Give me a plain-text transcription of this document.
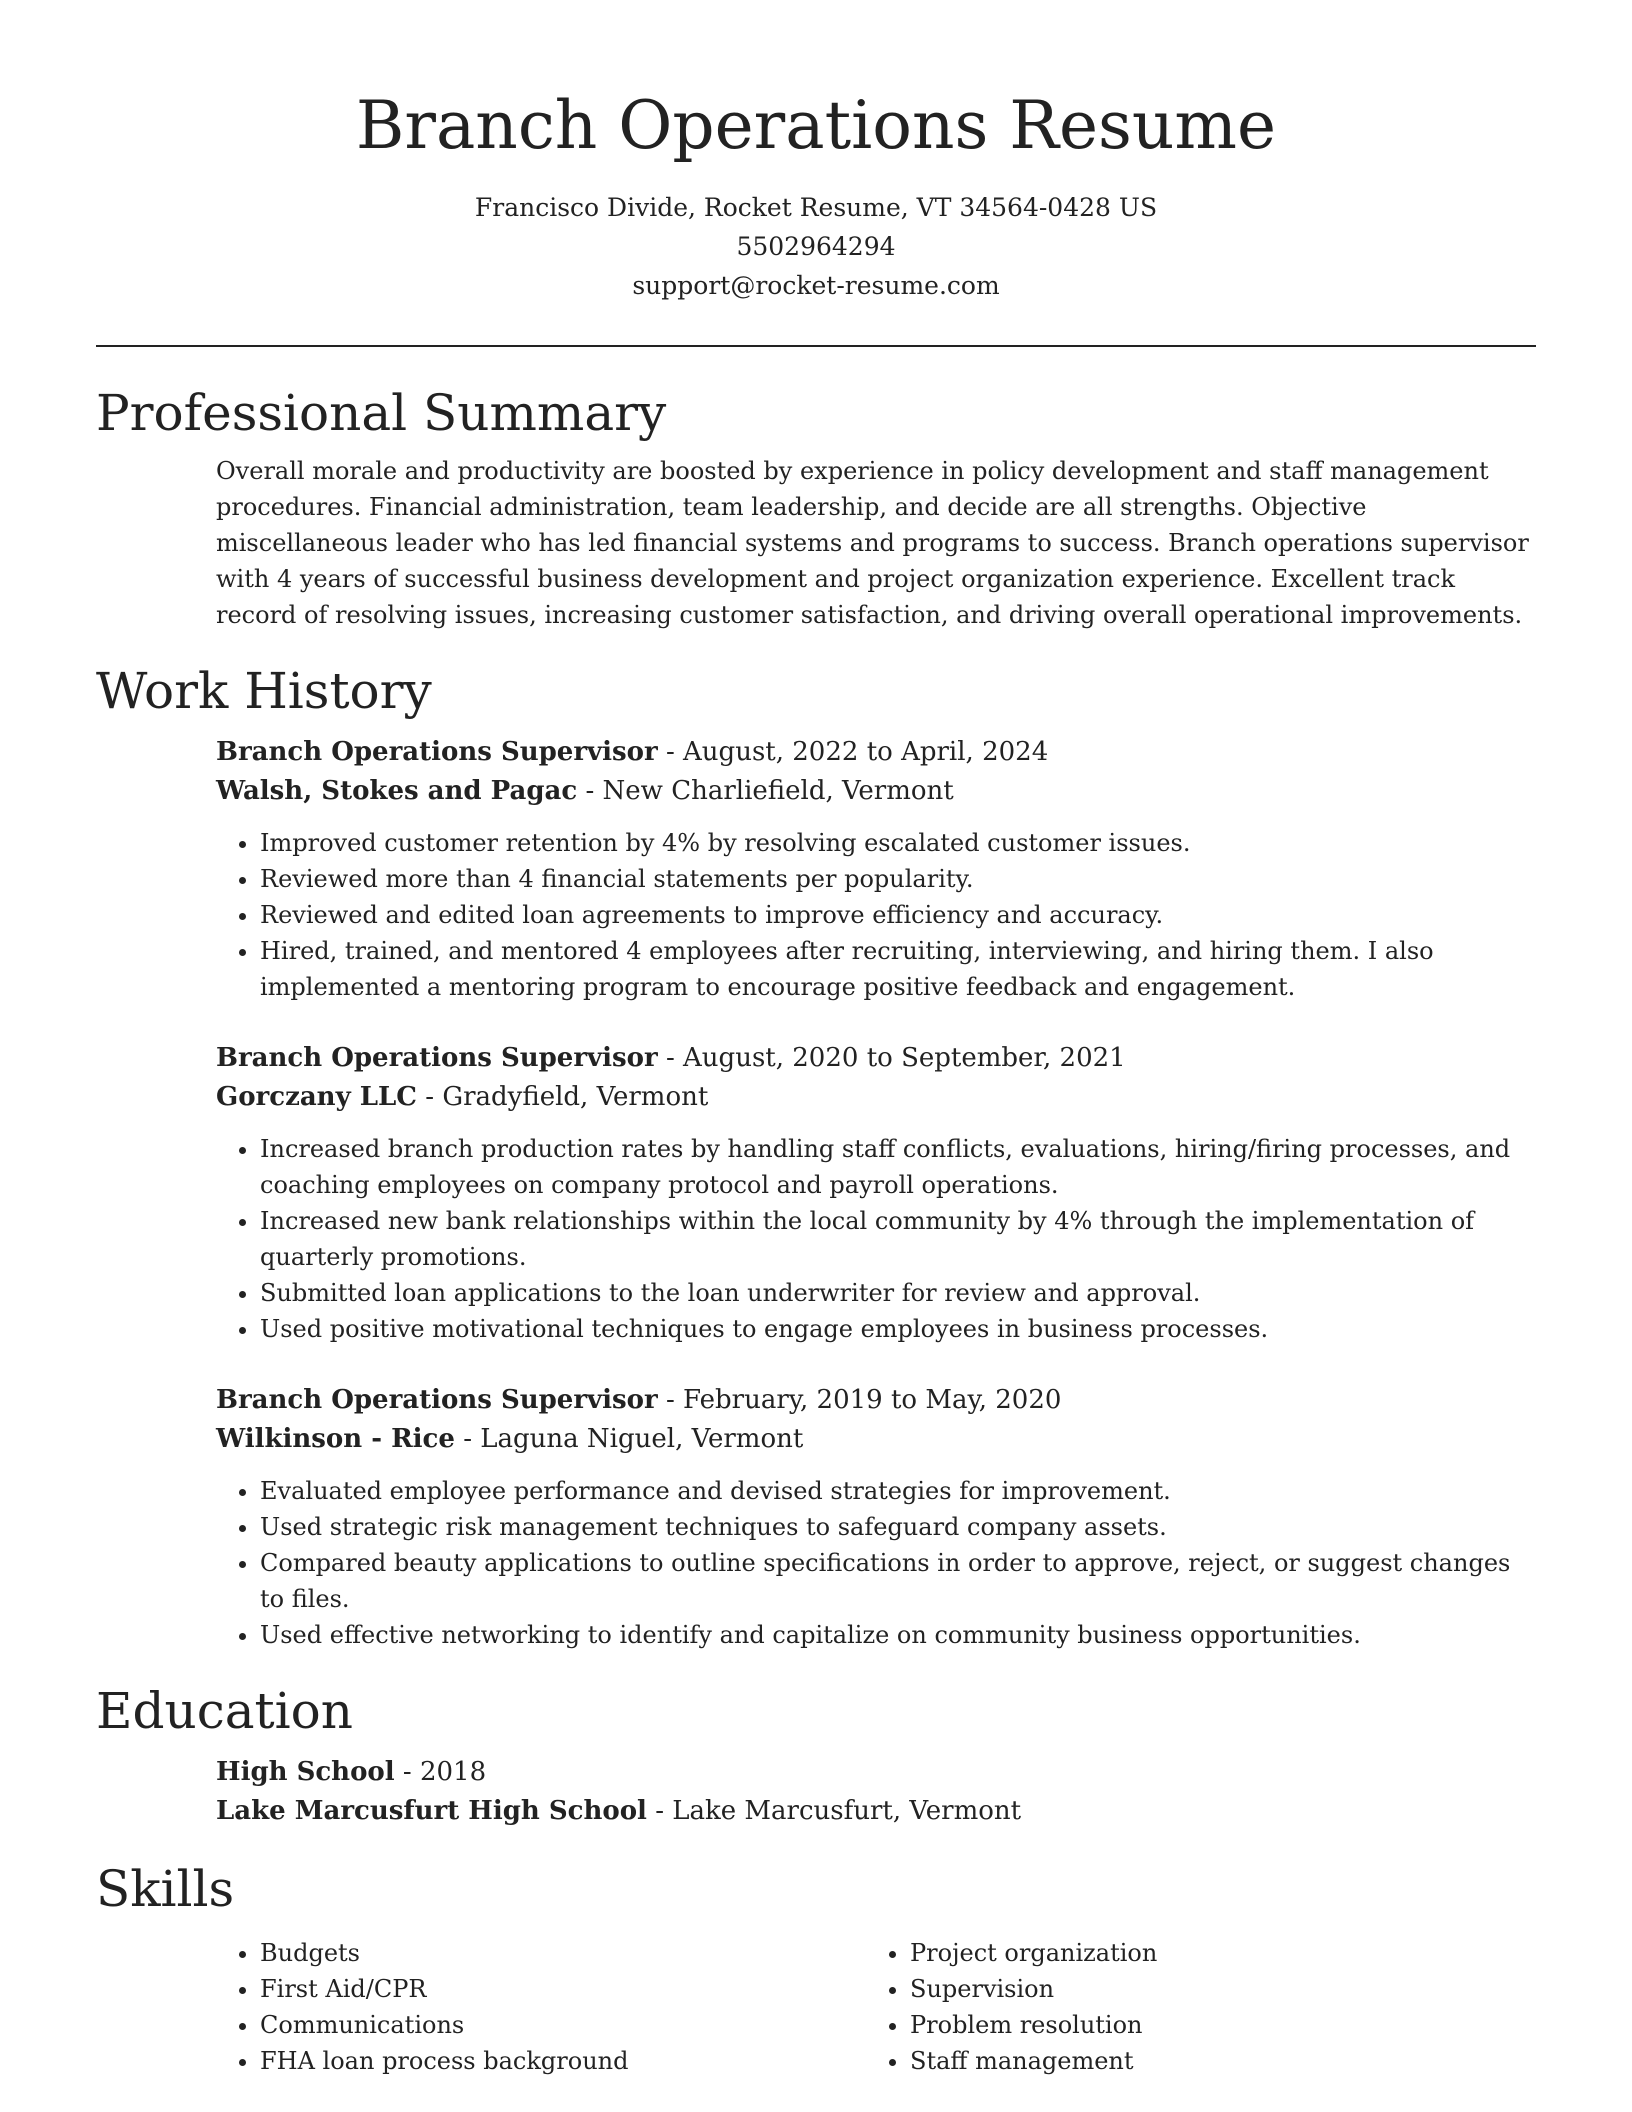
Branch Operations Resume
Francisco Divide, Rocket Resume, VT 34564-0428 US
5502964294
support@rocket-resume.com
Professional Summary

Overall morale and productivity are boosted by experience in policy development and staff management procedures. Financial administration, team leadership, and decide are all strengths. Objective miscellaneous leader who has led financial systems and programs to success. Branch operations supervisor with 4 years of successful business development and project organization experience. Excellent track record of resolving issues, increasing customer satisfaction, and driving overall operational improvements.

Work History
Branch Operations Supervisor - August, 2022 to April, 2024
Walsh, Stokes and Pagac - New Charliefield, Vermont
• Improved customer retention by 4% by resolving escalated customer issues.
• Reviewed more than 4 financial statements per popularity.
• Reviewed and edited loan agreements to improve efficiency and accuracy.
• Hired, trained, and mentored 4 employees after recruiting, interviewing, and hiring them. I also implemented a mentoring program to encourage positive feedback and engagement.
Branch Operations Supervisor - August, 2020 to September, 2021
Gorczany LLC - Gradyfield, Vermont
• Increased branch production rates by handling staff conflicts, evaluations, hiring/firing processes, and coaching employees on company protocol and payroll operations.
• Increased new bank relationships within the local community by 4% through the implementation of quarterly promotions.
• Submitted loan applications to the loan underwriter for review and approval.
• Used positive motivational techniques to engage employees in business processes.
Branch Operations Supervisor - February, 2019 to May, 2020
Wilkinson - Rice - Laguna Niguel, Vermont
• Evaluated employee performance and devised strategies for improvement.
• Used strategic risk management techniques to safeguard company assets.
• Compared beauty applications to outline specifications in order to approve, reject, or suggest changes to files.
• Used effective networking to identify and capitalize on community business opportunities.
Education
High School - 2018
Lake Marcusfurt High School - Lake Marcusfurt, Vermont
Skills
• Budgets
• First Aid/CPR
• Communications
• FHA loan process background
• Project organization
• Supervision
• Problem resolution
• Staff management
